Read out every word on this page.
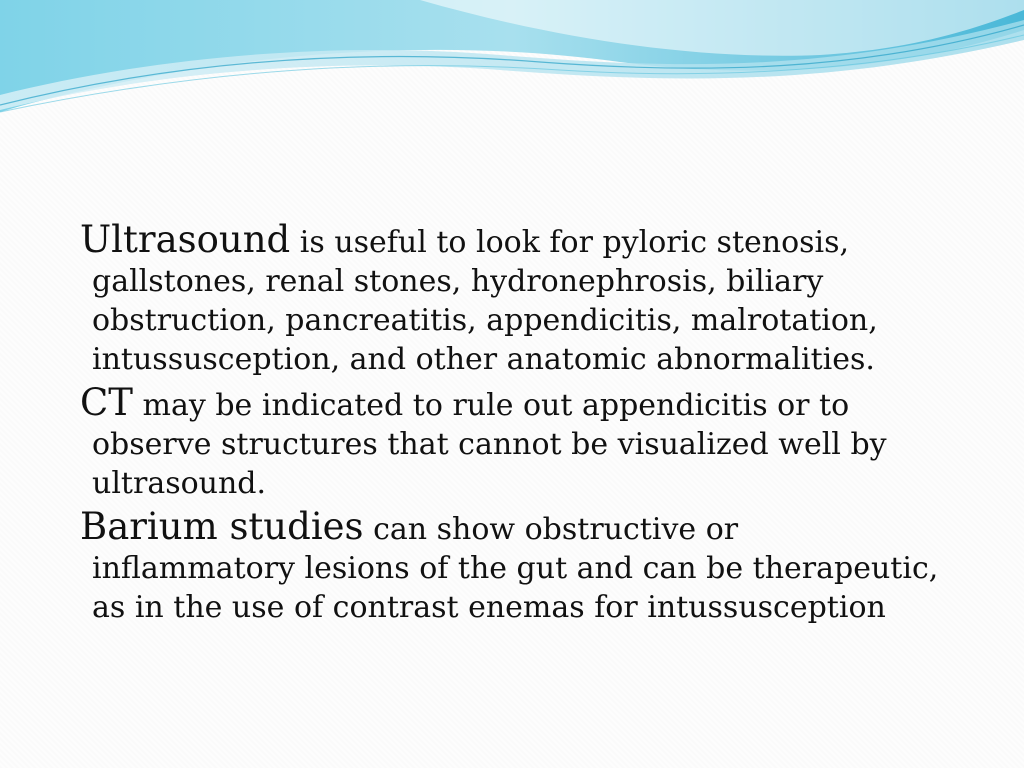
Ultrasound is useful to look for pyloric stenosis, gallstones, renal stones, hydronephrosis, biliary obstruction, pancreatitis, appendicitis, malrotation, intussusception, and other anatomic abnormalities.

CT may be indicated to rule out appendicitis or to observe structures that cannot be visualized well by ultrasound.

Barium studies can show obstructive or inflammatory lesions of the gut and can be therapeutic, as in the use of contrast enemas for intussusception
